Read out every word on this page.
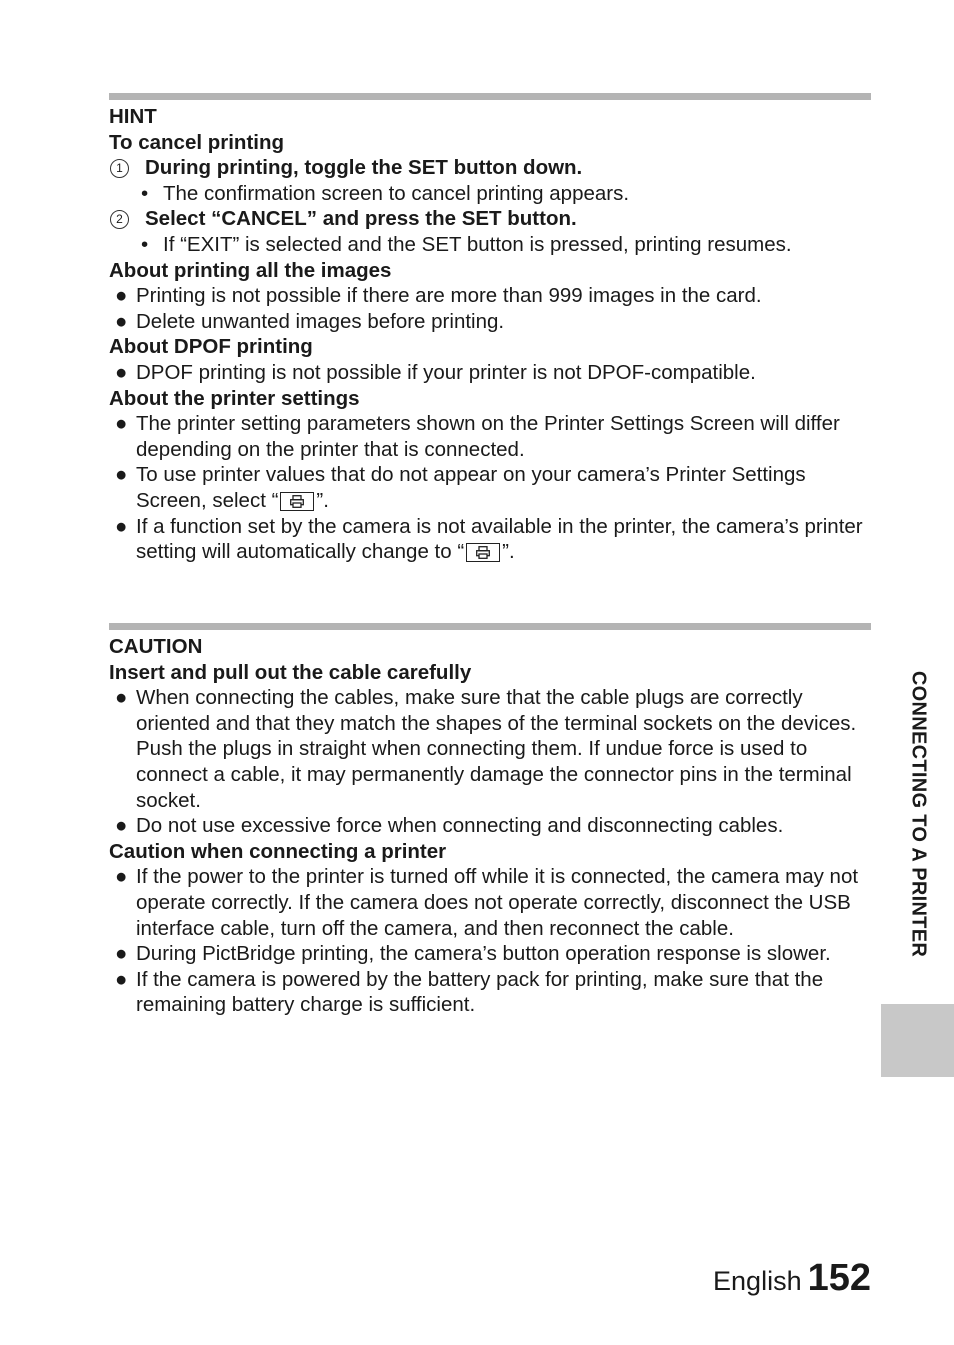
HINT
To cancel printing
1	During printing, toggle the SET button down.
• The confirmation screen to cancel printing appears.
2	Select “CANCEL” and press the SET button.
• If “EXIT” is selected and the SET button is pressed, printing resumes.
About printing all the images
● Printing is not possible if there are more than 999 images in the card.
● Delete unwanted images before printing.
About DPOF printing
● DPOF printing is not possible if your printer is not DPOF-compatible.
About the printer settings
● The printer setting parameters shown on the Printer Settings Screen will differ depending on the printer that is connected.
● To use printer values that do not appear on your camera’s Printer Settings Screen, select “ ”.
● If a function set by the camera is not available in the printer, the camera’s printer setting will automatically change to “ ”.
CAUTION
Insert and pull out the cable carefully
● When connecting the cables, make sure that the cable plugs are correctly oriented and that they match the shapes of the terminal sockets on the devices. Push the plugs in straight when connecting them. If undue force is used to connect a cable, it may permanently damage the connector pins in the terminal socket.
● Do not use excessive force when connecting and disconnecting cables.
Caution when connecting a printer
● If the power to the printer is turned off while it is connected, the camera may not operate correctly. If the camera does not operate correctly, disconnect the USB interface cable, turn off the camera, and then reconnect the cable.
● During PictBridge printing, the camera’s button operation response is slower.
● If the camera is powered by the battery pack for printing, make sure that the remaining battery charge is sufficient.
CONNECTING TO A PRINTER
English 152
